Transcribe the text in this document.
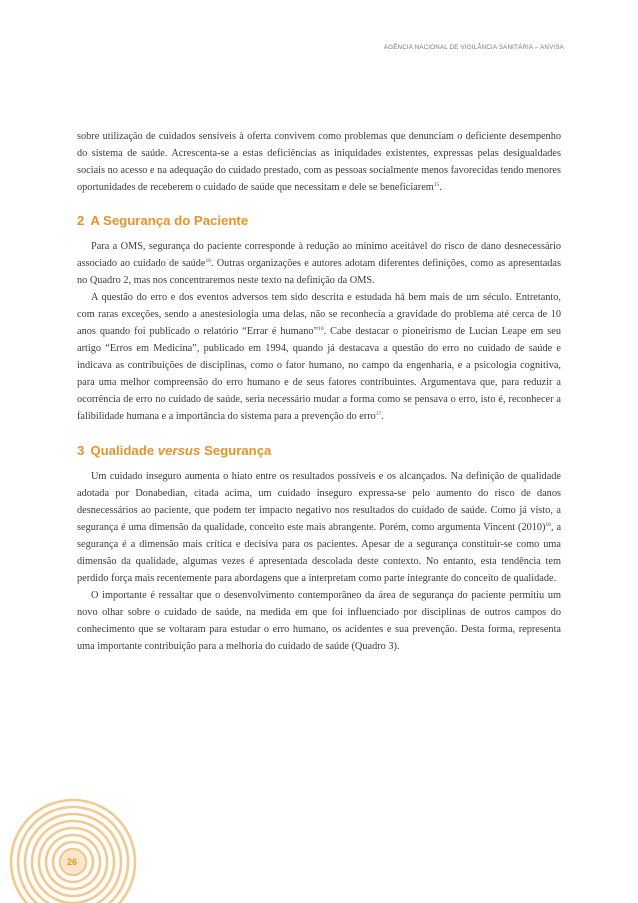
AGÊNCIA NACIONAL DE VIGILÂNCIA SANITÁRIA – ANVISA

sobre utilização de cuidados sensíveis à oferta convivem como problemas que denunciam o deficiente desempenho do sistema de saúde. Acrescenta-se a estas deficiências as iniquidades existentes, expressas pelas desigualdades sociais no acesso e na adequação do cuidado prestado, com as pessoas socialmente menos favorecidas tendo menores oportunidades de receberem o cuidado de saúde que necessitam e dele se beneficiarem$^{15}$.

2 A Segurança do Paciente

Para a OMS, segurança do paciente corresponde à redução ao mínimo aceitável do risco de dano desnecessário associado ao cuidado de saúde$^{16}$. Outras organizações e autores adotam diferentes definições, como as apresentadas no Quadro 2, mas nos concentraremos neste texto na definição da OMS.

A questão do erro e dos eventos adversos tem sido descrita e estudada há bem mais de um século. Entretanto, com raras exceções, sendo a anestesiologia uma delas, não se reconhecia a gravidade do problema até cerca de 10 anos quando foi publicado o relatório “Errar é humano”$^{10}$. Cabe destacar o pioneirismo de Lucian Leape em seu artigo “Erros em Medicina”, publicado em 1994, quando já destacava a questão do erro no cuidado de saúde e indicava as contribuições de disciplinas, como o fator humano, no campo da engenharia, e a psicologia cognitiva, para uma melhor compreensão do erro humano e de seus fatores contribuintes. Argumentava que, para reduzir a ocorrência de erro no cuidado de saúde, seria necessário mudar a forma como se pensava o erro, isto é, reconhecer a falibilidade humana e a importância do sistema para a prevenção do erro$^{17}$.

3 Qualidade versus Segurança

Um cuidado inseguro aumenta o hiato entre os resultados possíveis e os alcançados. Na definição de qualidade adotada por Donabedian, citada acima, um cuidado inseguro expressa-se pelo aumento do risco de danos desnecessários ao paciente, que podem ter impacto negativo nos resultados do cuidado de saúde. Como já visto, a segurança é uma dimensão da qualidade, conceito este mais abrangente. Porém, como argumenta Vincent $(2010)^{10}$, a segurança é a dimensão mais crítica e decisiva para os pacientes. Apesar de a segurança constituir-se como uma dimensão da qualidade, algumas vezes é apresentada descolada deste contexto. No entanto, esta tendência tem perdido força mais recentemente para abordagens que a interpretam como parte integrante do conceito de qualidade.

O importante é ressaltar que o desenvolvimento contemporâneo da área de segurança do paciente permitiu um novo olhar sobre o cuidado de saúde, na medida em que foi influenciado por disciplinas de outros campos do conhecimento que se voltaram para estudar o erro humano, os acidentes e sua prevenção. Desta forma, representa uma importante contribuição para a melhoria do cuidado de saúde (Quadro 3).

26
